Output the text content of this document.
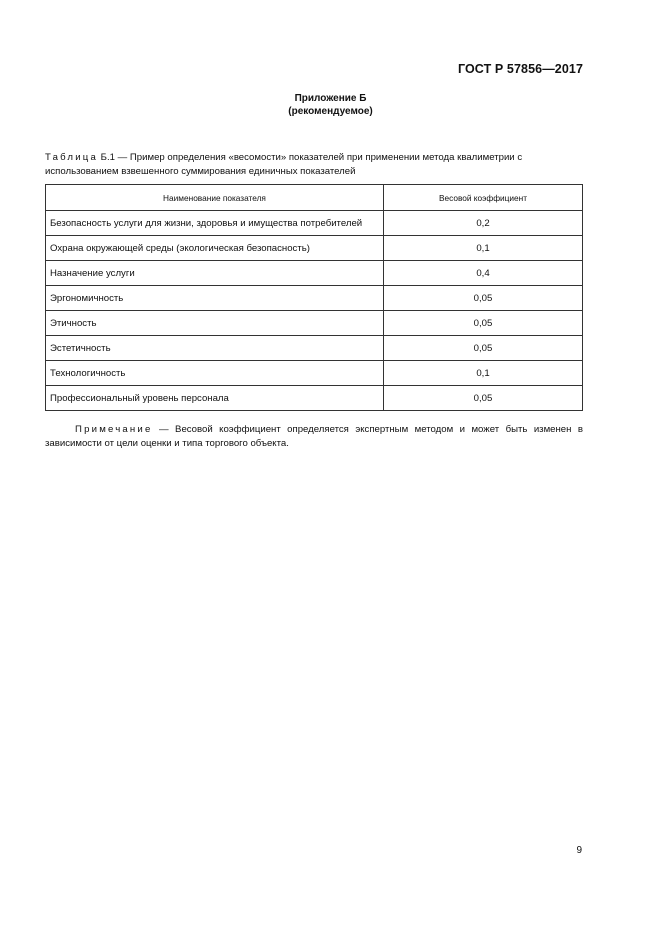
ГОСТ Р 57856—2017
Приложение Б
(рекомендуемое)
Таблица Б.1 — Пример определения «весомости» показателей при применении метода квалиметрии с использованием взвешенного суммирования единичных показателей
Наименование показателя	Весовой коэффициент
Безопасность услуги для жизни, здоровья и имущества потребителей	0,2
Охрана окружающей среды (экологическая безопасность)	0,1
Назначение услуги	0,4
Эргономичность	0,05
Этичность	0,05
Эстетичность	0,05
Технологичность	0,1
Профессиональный уровень персонала	0,05
Примечание — Весовой коэффициент определяется экспертным методом и может быть изменен в зависимости от цели оценки и типа торгового объекта.
9
